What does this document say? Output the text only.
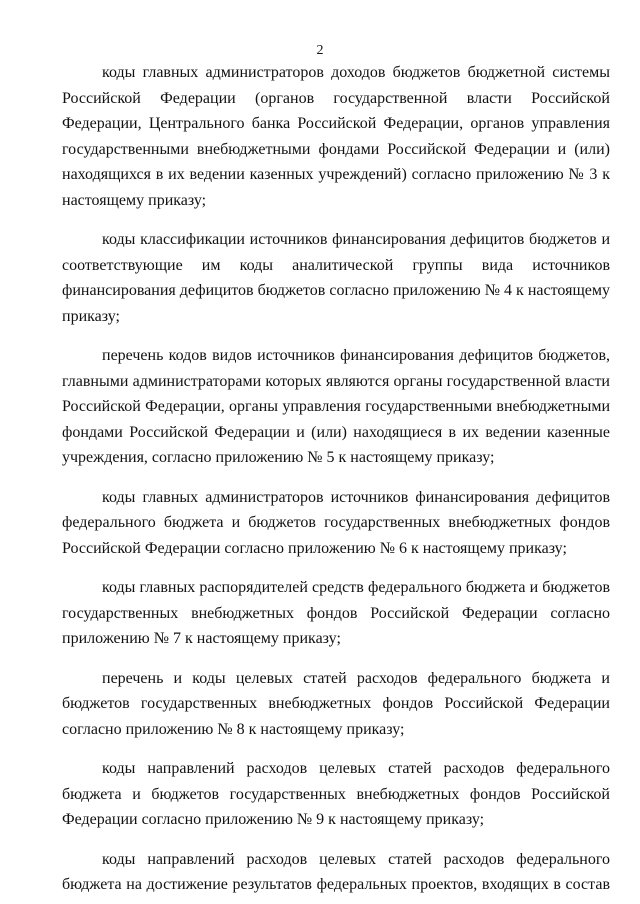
2

коды главных администраторов доходов бюджетов бюджетной системы Российской Федерации (органов государственной власти Российской Федерации, Центрального банка Российской Федерации, органов управления государственными внебюджетными фондами Российской Федерации и (или) находящихся в их ведении казенных учреждений) согласно приложению № 3 к настоящему приказу;

коды классификации источников финансирования дефицитов бюджетов и соответствующие им коды аналитической группы вида источников финансирования дефицитов бюджетов согласно приложению № 4 к настоящему приказу;

перечень кодов видов источников финансирования дефицитов бюджетов, главными администраторами которых являются органы государственной власти Российской Федерации, органы управления государственными внебюджетными фондами Российской Федерации и (или) находящиеся в их ведении казенные учреждения, согласно приложению № 5 к настоящему приказу;

коды главных администраторов источников финансирования дефицитов федерального бюджета и бюджетов государственных внебюджетных фондов Российской Федерации согласно приложению № 6 к настоящему приказу;

коды главных распорядителей средств федерального бюджета и бюджетов государственных внебюджетных фондов Российской Федерации согласно приложению № 7 к настоящему приказу;

перечень и коды целевых статей расходов федерального бюджета и бюджетов государственных внебюджетных фондов Российской Федерации согласно приложению № 8 к настоящему приказу;

коды направлений расходов целевых статей расходов федерального бюджета и бюджетов государственных внебюджетных фондов Российской Федерации согласно приложению № 9 к настоящему приказу;

коды направлений расходов целевых статей расходов федерального бюджета на достижение результатов федеральных проектов, входящих в состав
